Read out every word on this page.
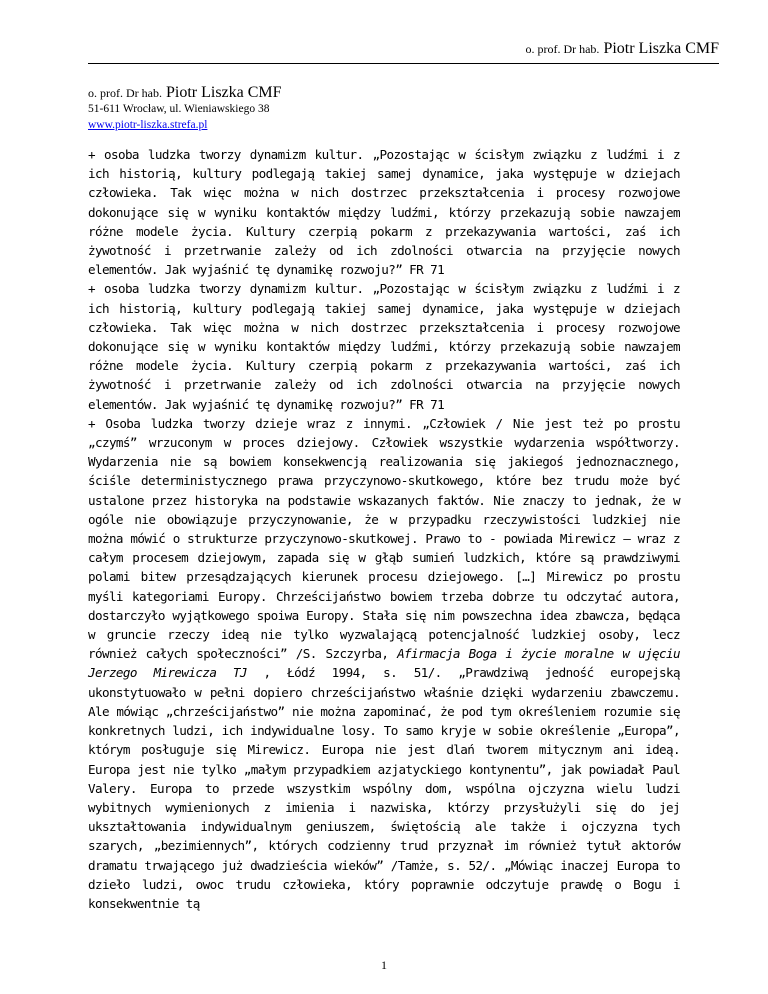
o. prof. Dr hab. Piotr Liszka CMF
o. prof. Dr hab. Piotr Liszka CMF
51-611 Wrocław, ul. Wieniawskiego 38
www.piotr-liszka.strefa.pl

+ osoba ludzka tworzy dynamizm kultur. „Pozostając w ścisłym związku z ludźmi i z ich historią, kultury podlegają takiej samej dynamice, jaka występuje w dziejach człowieka. Tak więc można w nich dostrzec przekształcenia i procesy rozwojowe dokonujące się w wyniku kontaktów między ludźmi, którzy przekazują sobie nawzajem różne modele życia. Kultury czerpią pokarm z przekazywania wartości, zaś ich żywotność i przetrwanie zależy od ich zdolności otwarcia na przyjęcie nowych elementów. Jak wyjaśnić tę dynamikę rozwoju?” FR 71

+ osoba ludzka tworzy dynamizm kultur. „Pozostając w ścisłym związku z ludźmi i z ich historią, kultury podlegają takiej samej dynamice, jaka występuje w dziejach człowieka. Tak więc można w nich dostrzec przekształcenia i procesy rozwojowe dokonujące się w wyniku kontaktów między ludźmi, którzy przekazują sobie nawzajem różne modele życia. Kultury czerpią pokarm z przekazywania wartości, zaś ich żywotność i przetrwanie zależy od ich zdolności otwarcia na przyjęcie nowych elementów. Jak wyjaśnić tę dynamikę rozwoju?” FR 71

+ Osoba ludzka tworzy dzieje wraz z innymi. „Człowiek / Nie jest też po prostu „czymś” wrzuconym w proces dziejowy. Człowiek wszystkie wydarzenia współtworzy. Wydarzenia nie są bowiem konsekwencją realizowania się jakiegoś jednoznacznego, ściśle deterministycznego prawa przyczynowo-skutkowego, które bez trudu może być ustalone przez historyka na podstawie wskazanych faktów. Nie znaczy to jednak, że w ogóle nie obowiązuje przyczynowanie, że w przypadku rzeczywistości ludzkiej nie można mówić o strukturze przyczynowo-skutkowej. Prawo to - powiada Mirewicz – wraz z całym procesem dziejowym, zapada się w głąb sumień ludzkich, które są prawdziwymi polami bitew przesądzających kierunek procesu dziejowego. […] Mirewicz po prostu myśli kategoriami Europy. Chrześcijaństwo bowiem trzeba dobrze tu odczytać autora, dostarczyło wyjątkowego spoiwa Europy. Stała się nim powszechna idea zbawcza, będąca w gruncie rzeczy ideą nie tylko wyzwalającą potencjalność ludzkiej osoby, lecz również całych społeczności” /S. Szczyrba, Afirmacja Boga i życie moralne w ujęciu Jerzego Mirewicza TJ , Łódź 1994, s. 51/. „Prawdziwą jedność europejską ukonstytuowało w pełni dopiero chrześcijaństwo właśnie dzięki wydarzeniu zbawczemu. Ale mówiąc „chrześcijaństwo” nie można zapominać, że pod tym określeniem rozumie się konkretnych ludzi, ich indywidualne losy. To samo kryje w sobie określenie „Europa”, którym posługuje się Mirewicz. Europa nie jest dlań tworem mitycznym ani ideą. Europa jest nie tylko „małym przypadkiem azjatyckiego kontynentu”, jak powiadał Paul Valery. Europa to przede wszystkim wspólny dom, wspólna ojczyzna wielu ludzi wybitnych wymienionych z imienia i nazwiska, którzy przysłużyli się do jej ukształtowania indywidualnym geniuszem, świętością ale także i ojczyzna tych szarych, „bezimiennych”, których codzienny trud przyznał im również tytuł aktorów dramatu trwającego już dwadzieścia wieków” /Tamże, s. 52/. „Mówiąc inaczej Europa to dzieło ludzi, owoc trudu człowieka, który poprawnie odczytuje prawdę o Bogu i konsekwentnie tą

1
